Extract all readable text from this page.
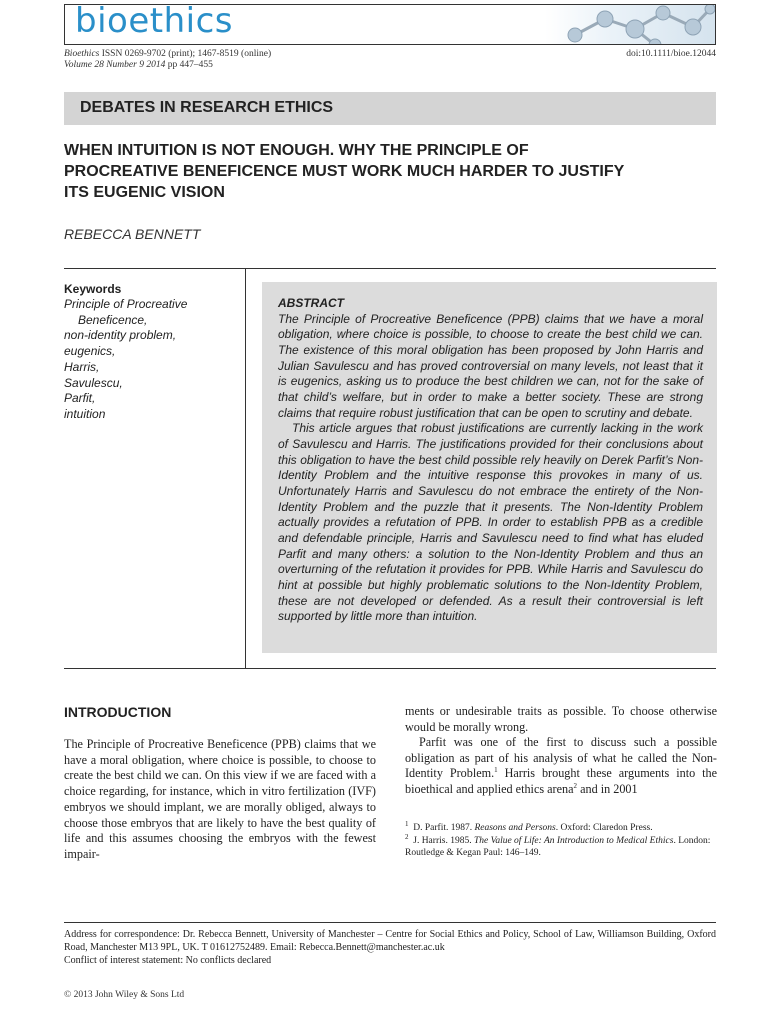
bioethics
Bioethics ISSN 0269-9702 (print); 1467-8519 (online)
Volume 28 Number 9 2014 pp 447–455
doi:10.1111/bioe.12044
DEBATES IN RESEARCH ETHICS
WHEN INTUITION IS NOT ENOUGH. WHY THE PRINCIPLE OF
PROCREATIVE BENEFICENCE MUST WORK MUCH HARDER TO JUSTIFY
ITS EUGENIC VISION
REBECCA BENNETT
Keywords
Principle of Procreative
Beneficence,
non-identity problem,
eugenics,
Harris,
Savulescu,
Parfit,
intuition
ABSTRACT

The Principle of Procreative Beneficence (PPB) claims that we have a moral obligation, where choice is possible, to choose to create the best child we can. The existence of this moral obligation has been proposed by John Harris and Julian Savulescu and has proved controversial on many levels, not least that it is eugenics, asking us to produce the best children we can, not for the sake of that child’s welfare, but in order to make a better society. These are strong claims that require robust justification that can be open to scrutiny and debate.

This article argues that robust justifications are currently lacking in the work of Savulescu and Harris. The justifications provided for their conclusions about this obligation to have the best child possible rely heavily on Derek Parfit’s Non-Identity Problem and the intuitive response this provokes in many of us. Unfortunately Harris and Savulescu do not embrace the entirety of the Non-Identity Problem and the puzzle that it presents. The Non-Identity Problem actually provides a refutation of PPB. In order to establish PPB as a credible and defendable principle, Harris and Savulescu need to find what has eluded Parfit and many others: a solution to the Non-Identity Problem and thus an overturning of the refutation it provides for PPB. While Harris and Savulescu do hint at possible but highly problematic solutions to the Non-Identity Problem, these are not developed or defended. As a result their controversial is left supported by little more than intuition.

INTRODUCTION

The Principle of Procreative Beneficence (PPB) claims that we have a moral obligation, where choice is possible, to choose to create the best child we can. On this view if we are faced with a choice regarding, for instance, which in vitro fertilization (IVF) embryos we should implant, we are morally obliged, always to choose those embryos that are likely to have the best quality of life and this assumes choosing the embryos with the fewest impair-

ments or undesirable traits as possible. To choose otherwise would be morally wrong.

Parfit was one of the first to discuss such a possible obligation as part of his analysis of what he called the Non-Identity Problem.$^1$ Harris brought these arguments into the bioethical and applied ethics arena$^2$ and in 2001

$^1$ D. Parfit. 1987. Reasons and Persons. Oxford: Claredon Press.

$^2$ J. Harris. 1985. The Value of Life: An Introduction to Medical Ethics. London: Routledge & Kegan Paul: 146–149.

Address for correspondence: Dr. Rebecca Bennett, University of Manchester – Centre for Social Ethics and Policy, School of Law, Williamson Building, Oxford Road, Manchester M13 9PL, UK. T 01612752489. Email: Rebecca.Bennett@manchester.ac.uk
Conflict of interest statement: No conflicts declared
© 2013 John Wiley & Sons Ltd
